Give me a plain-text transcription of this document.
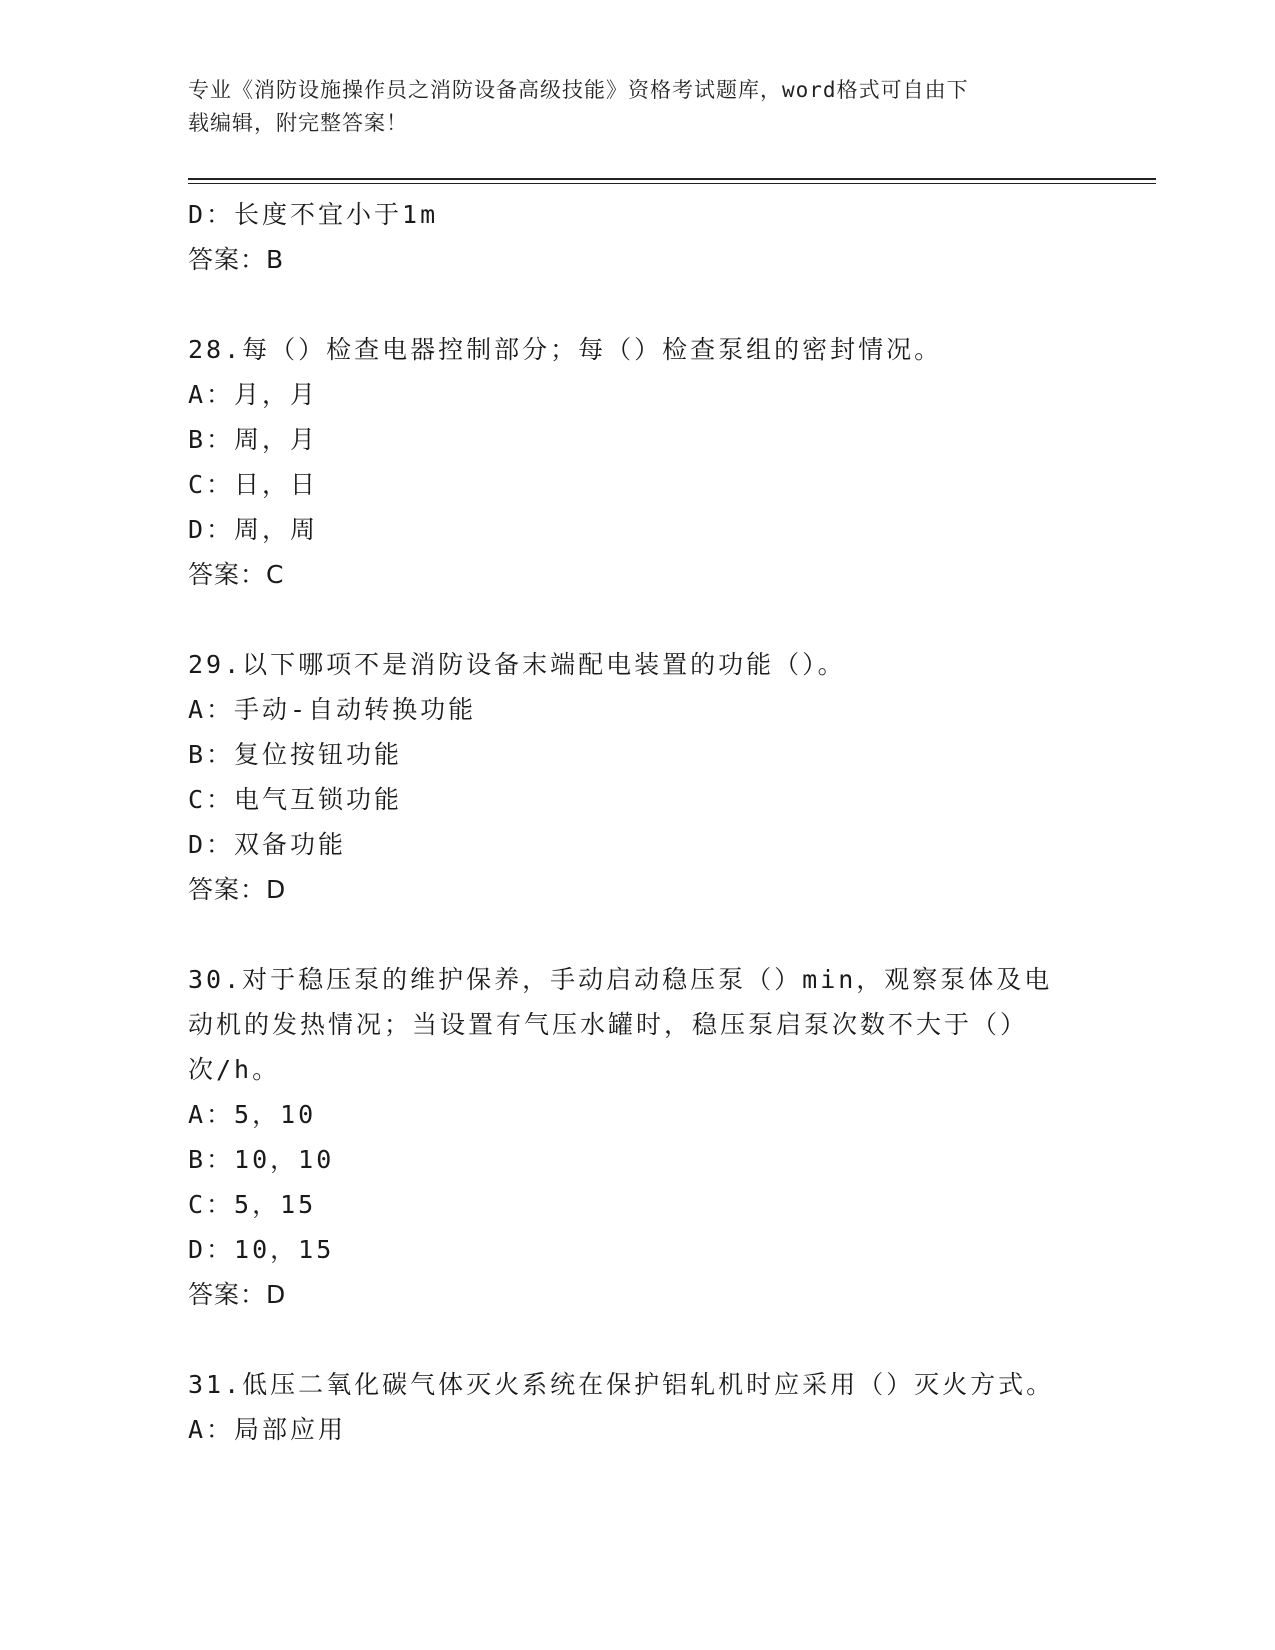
专业《消防设施操作员之消防设备高级技能》资格考试题库，word格式可自由下
载编辑，附完整答案！
D：长度不宜小于1m
答案：B
28.每（）检查电器控制部分；每（）检查泵组的密封情况。
A：月，月
B：周，月
C：日，日
D：周，周
答案：C
29.以下哪项不是消防设备末端配电装置的功能（）。
A：手动-自动转换功能
B：复位按钮功能
C：电气互锁功能
D：双备功能
答案：D
30.对于稳压泵的维护保养，手动启动稳压泵（）min，观察泵体及电
动机的发热情况；当设置有气压水罐时，稳压泵启泵次数不大于（）
次/h。
A：5，10
B：10，10
C：5，15
D：10，15
答案：D
31.低压二氧化碳气体灭火系统在保护铝轧机时应采用（）灭火方式。
A：局部应用
